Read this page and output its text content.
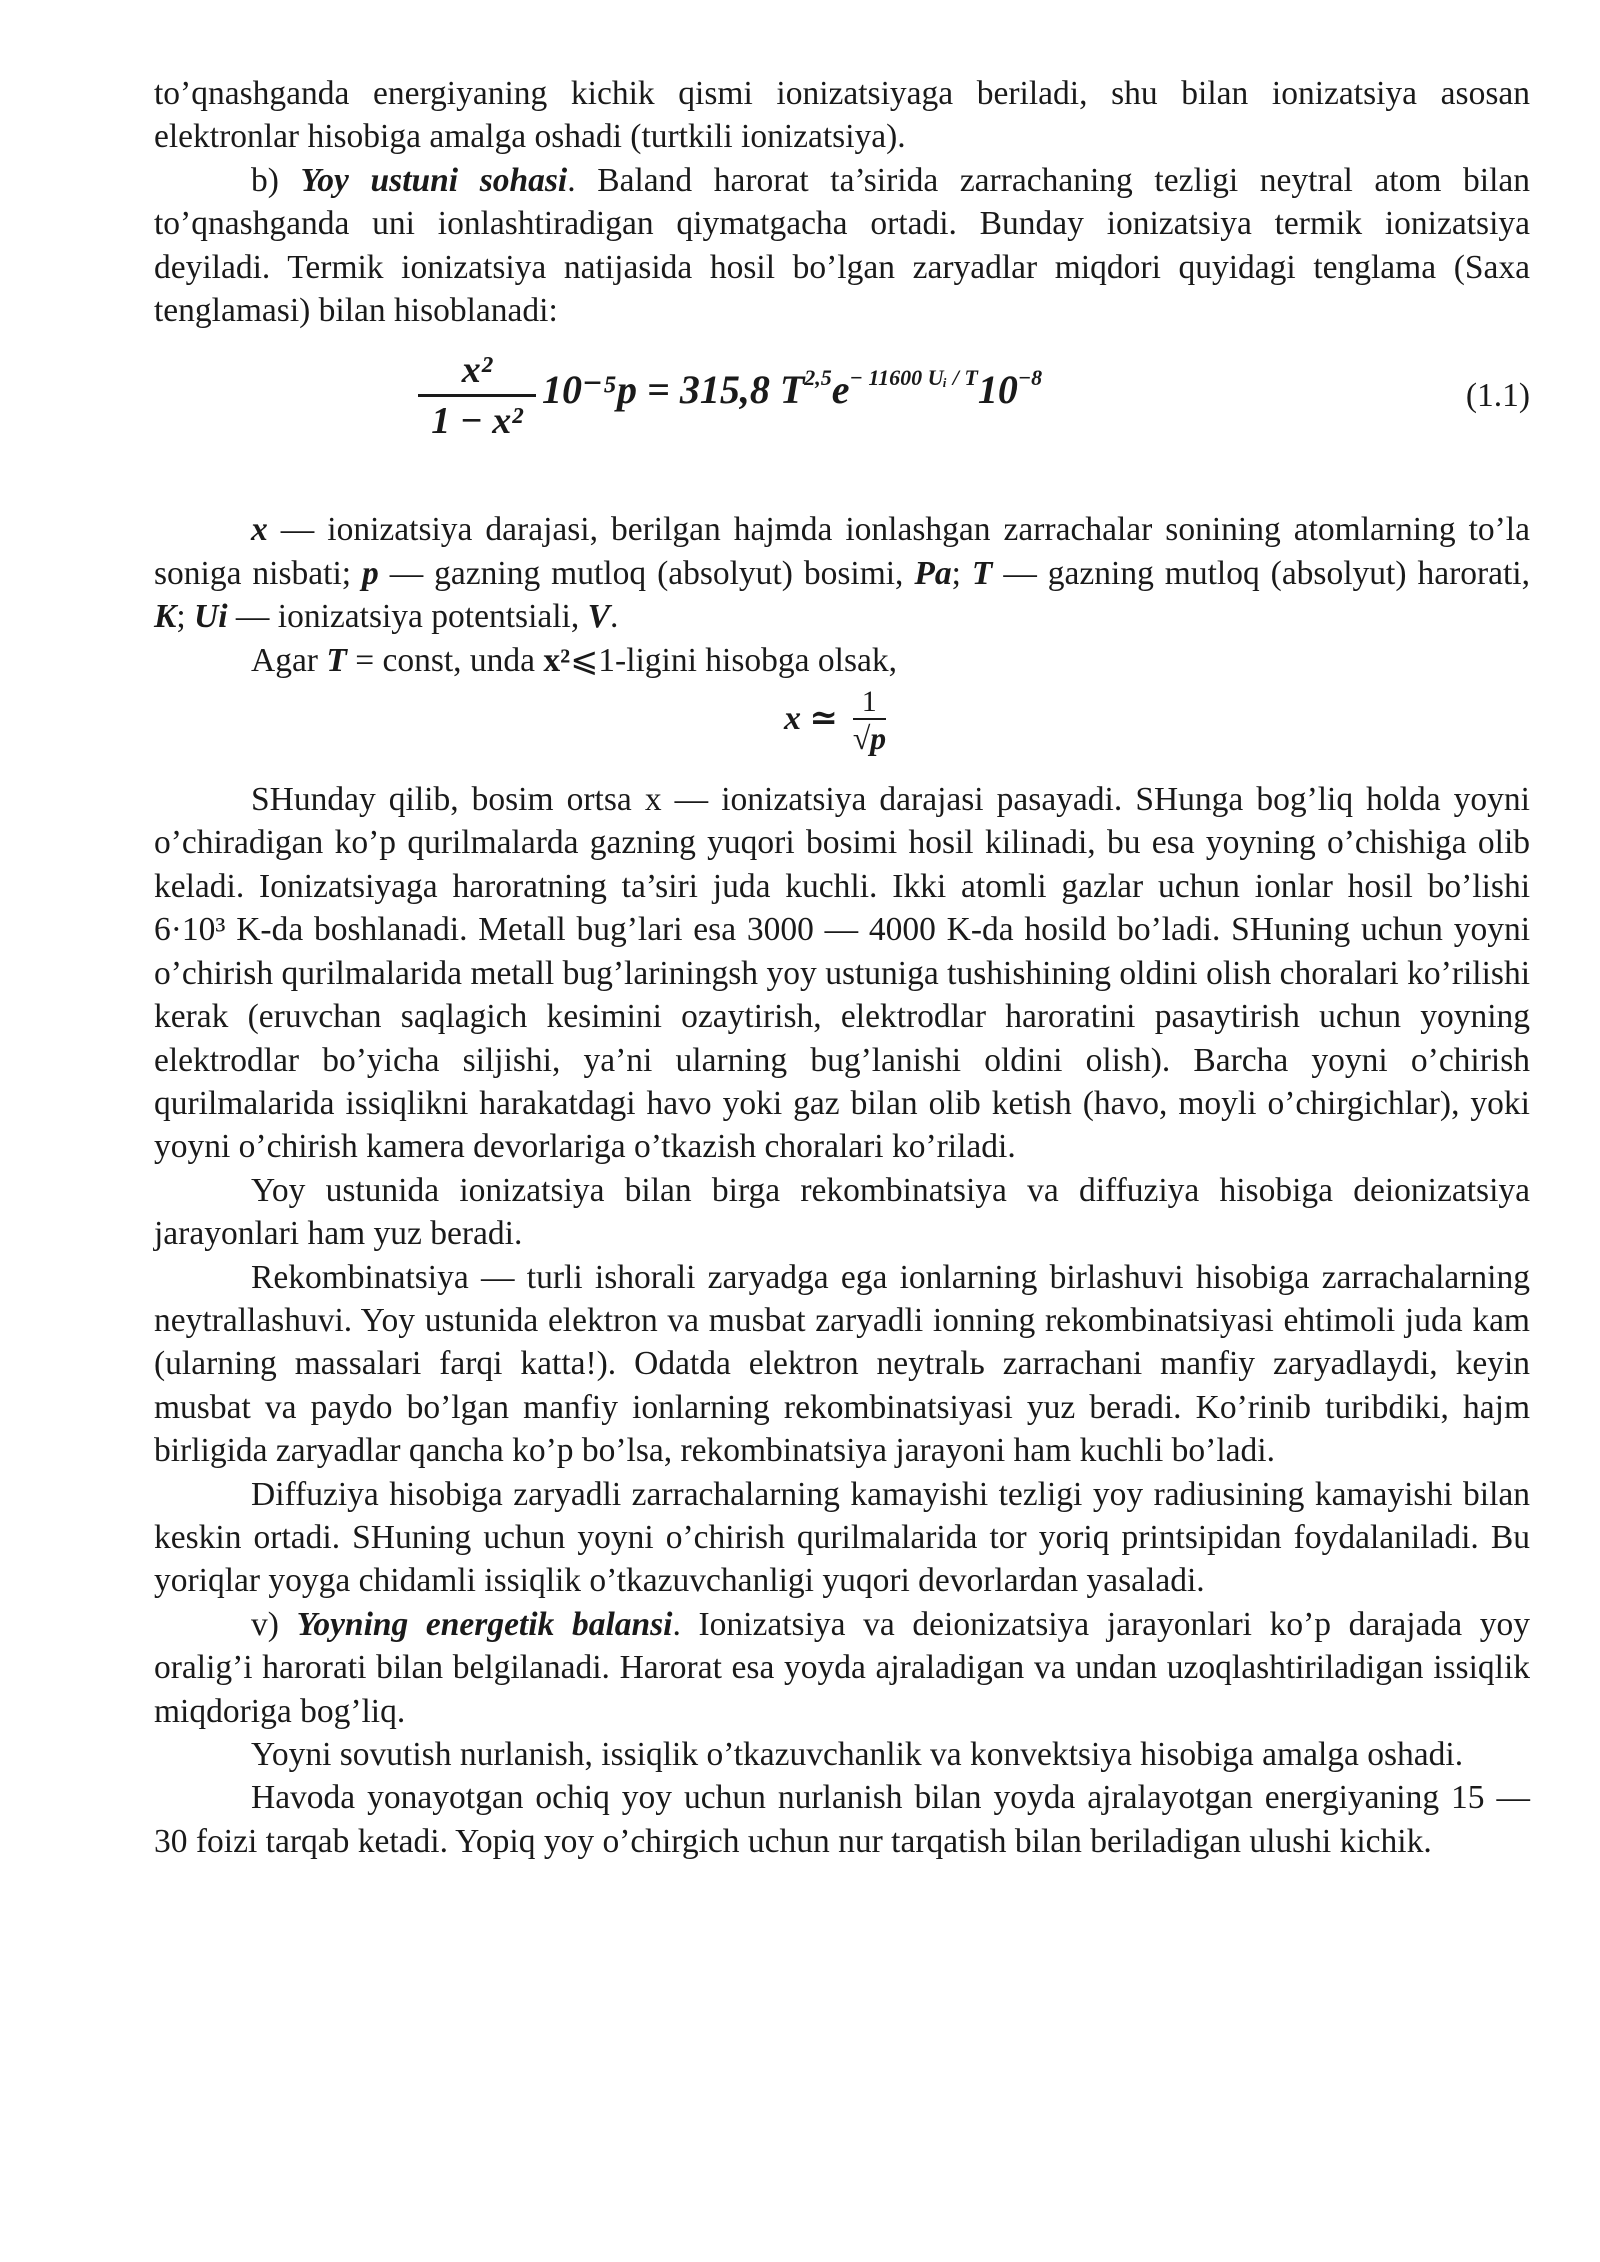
to’qnashganda energiyaning kichik qismi ionizatsiyaga beriladi, shu bilan ionizatsiya asosan elektronlar hisobiga amalga oshadi (turtkili ionizatsiya).

b) Yoy ustuni sohasi. Baland harorat ta’sirida zarrachaning tezligi neytral atom bilan to’qnashganda uni ionlashtiradigan qiymatgacha ortadi. Bunday ionizatsiya termik ionizatsiya deyiladi. Termik ionizatsiya natijasida hosil bo’lgan zaryadlar miqdori quyidagi tenglama (Saxa tenglamasi) bilan hisoblanadi:

x²
1 − x²
10⁻⁵p = 315,8 $T^{2,5}e^{- 11600 Uᵢ / T}10^{-8}$	(1.1)

x — ionizatsiya darajasi, berilgan hajmda ionlashgan zarrachalar sonining atomlarning to’la soniga nisbati; p — gazning mutloq (absolyut) bosimi, Pa; T — gazning mutloq (absolyut) harorati, K; Ui — ionizatsiya potentsiali, V.

Agar T = const, unda x²⩽1-ligini hisobga olsak,

x ≃ $\frac{1}{√p}$

SHunday qilib, bosim ortsa x — ionizatsiya darajasi pasayadi. SHunga bog’liq holda yoyni o’chiradigan ko’p qurilmalarda gazning yuqori bosimi hosil kilinadi, bu esa yoyning o’chishiga olib keladi. Ionizatsiyaga haroratning ta’siri juda kuchli. Ikki atomli gazlar uchun ionlar hosil bo’lishi 6·10³ K-da boshlanadi. Metall bug’lari esa 3000 — 4000 K-da hosild bo’ladi. SHuning uchun yoyni o’chirish qurilmalarida metall bug’lariningsh yoy ustuniga tushishining oldini olish choralari ko’rilishi kerak (eruvchan saqlagich kesimini ozaytirish, elektrodlar haroratini pasaytirish uchun yoyning elektrodlar bo’yicha siljishi, ya’ni ularning bug’lanishi oldini olish). Barcha yoyni o’chirish qurilmalarida issiqlikni harakatdagi havo yoki gaz bilan olib ketish (havo, moyli o’chirgichlar), yoki yoyni o’chirish kamera devorlariga o’tkazish choralari ko’riladi.

Yoy ustunida ionizatsiya bilan birga rekombinatsiya va diffuziya hisobiga deionizatsiya jarayonlari ham yuz beradi.

Rekombinatsiya — turli ishorali zaryadga ega ionlarning birlashuvi hisobiga zarrachalarning neytrallashuvi. Yoy ustunida elektron va musbat zaryadli ionning rekombinatsiyasi ehtimoli juda kam (ularning massalari farqi katta!). Odatda elektron neytralь zarrachani manfiy zaryadlaydi, keyin musbat va paydo bo’lgan manfiy ionlarning rekombinatsiyasi yuz beradi. Ko’rinib turibdiki, hajm birligida zaryadlar qancha ko’p bo’lsa, rekombinatsiya jarayoni ham kuchli bo’ladi.

Diffuziya hisobiga zaryadli zarrachalarning kamayishi tezligi yoy radiusining kamayishi bilan keskin ortadi. SHuning uchun yoyni o’chirish qurilmalarida tor yoriq printsipidan foydalaniladi. Bu yoriqlar yoyga chidamli issiqlik o’tkazuvchanligi yuqori devorlardan yasaladi.

v) Yoyning energetik balansi. Ionizatsiya va deionizatsiya jarayonlari ko’p darajada yoy oralig’i harorati bilan belgilanadi. Harorat esa yoyda ajraladigan va undan uzoqlashtiriladigan issiqlik miqdoriga bog’liq.

Yoyni sovutish nurlanish, issiqlik o’tkazuvchanlik va konvektsiya hisobiga amalga oshadi.

Havoda yonayotgan ochiq yoy uchun nurlanish bilan yoyda ajralayotgan energiyaning 15 — 30 foizi tarqab ketadi. Yopiq yoy o’chirgich uchun nur tarqatish bilan beriladigan ulushi kichik.
